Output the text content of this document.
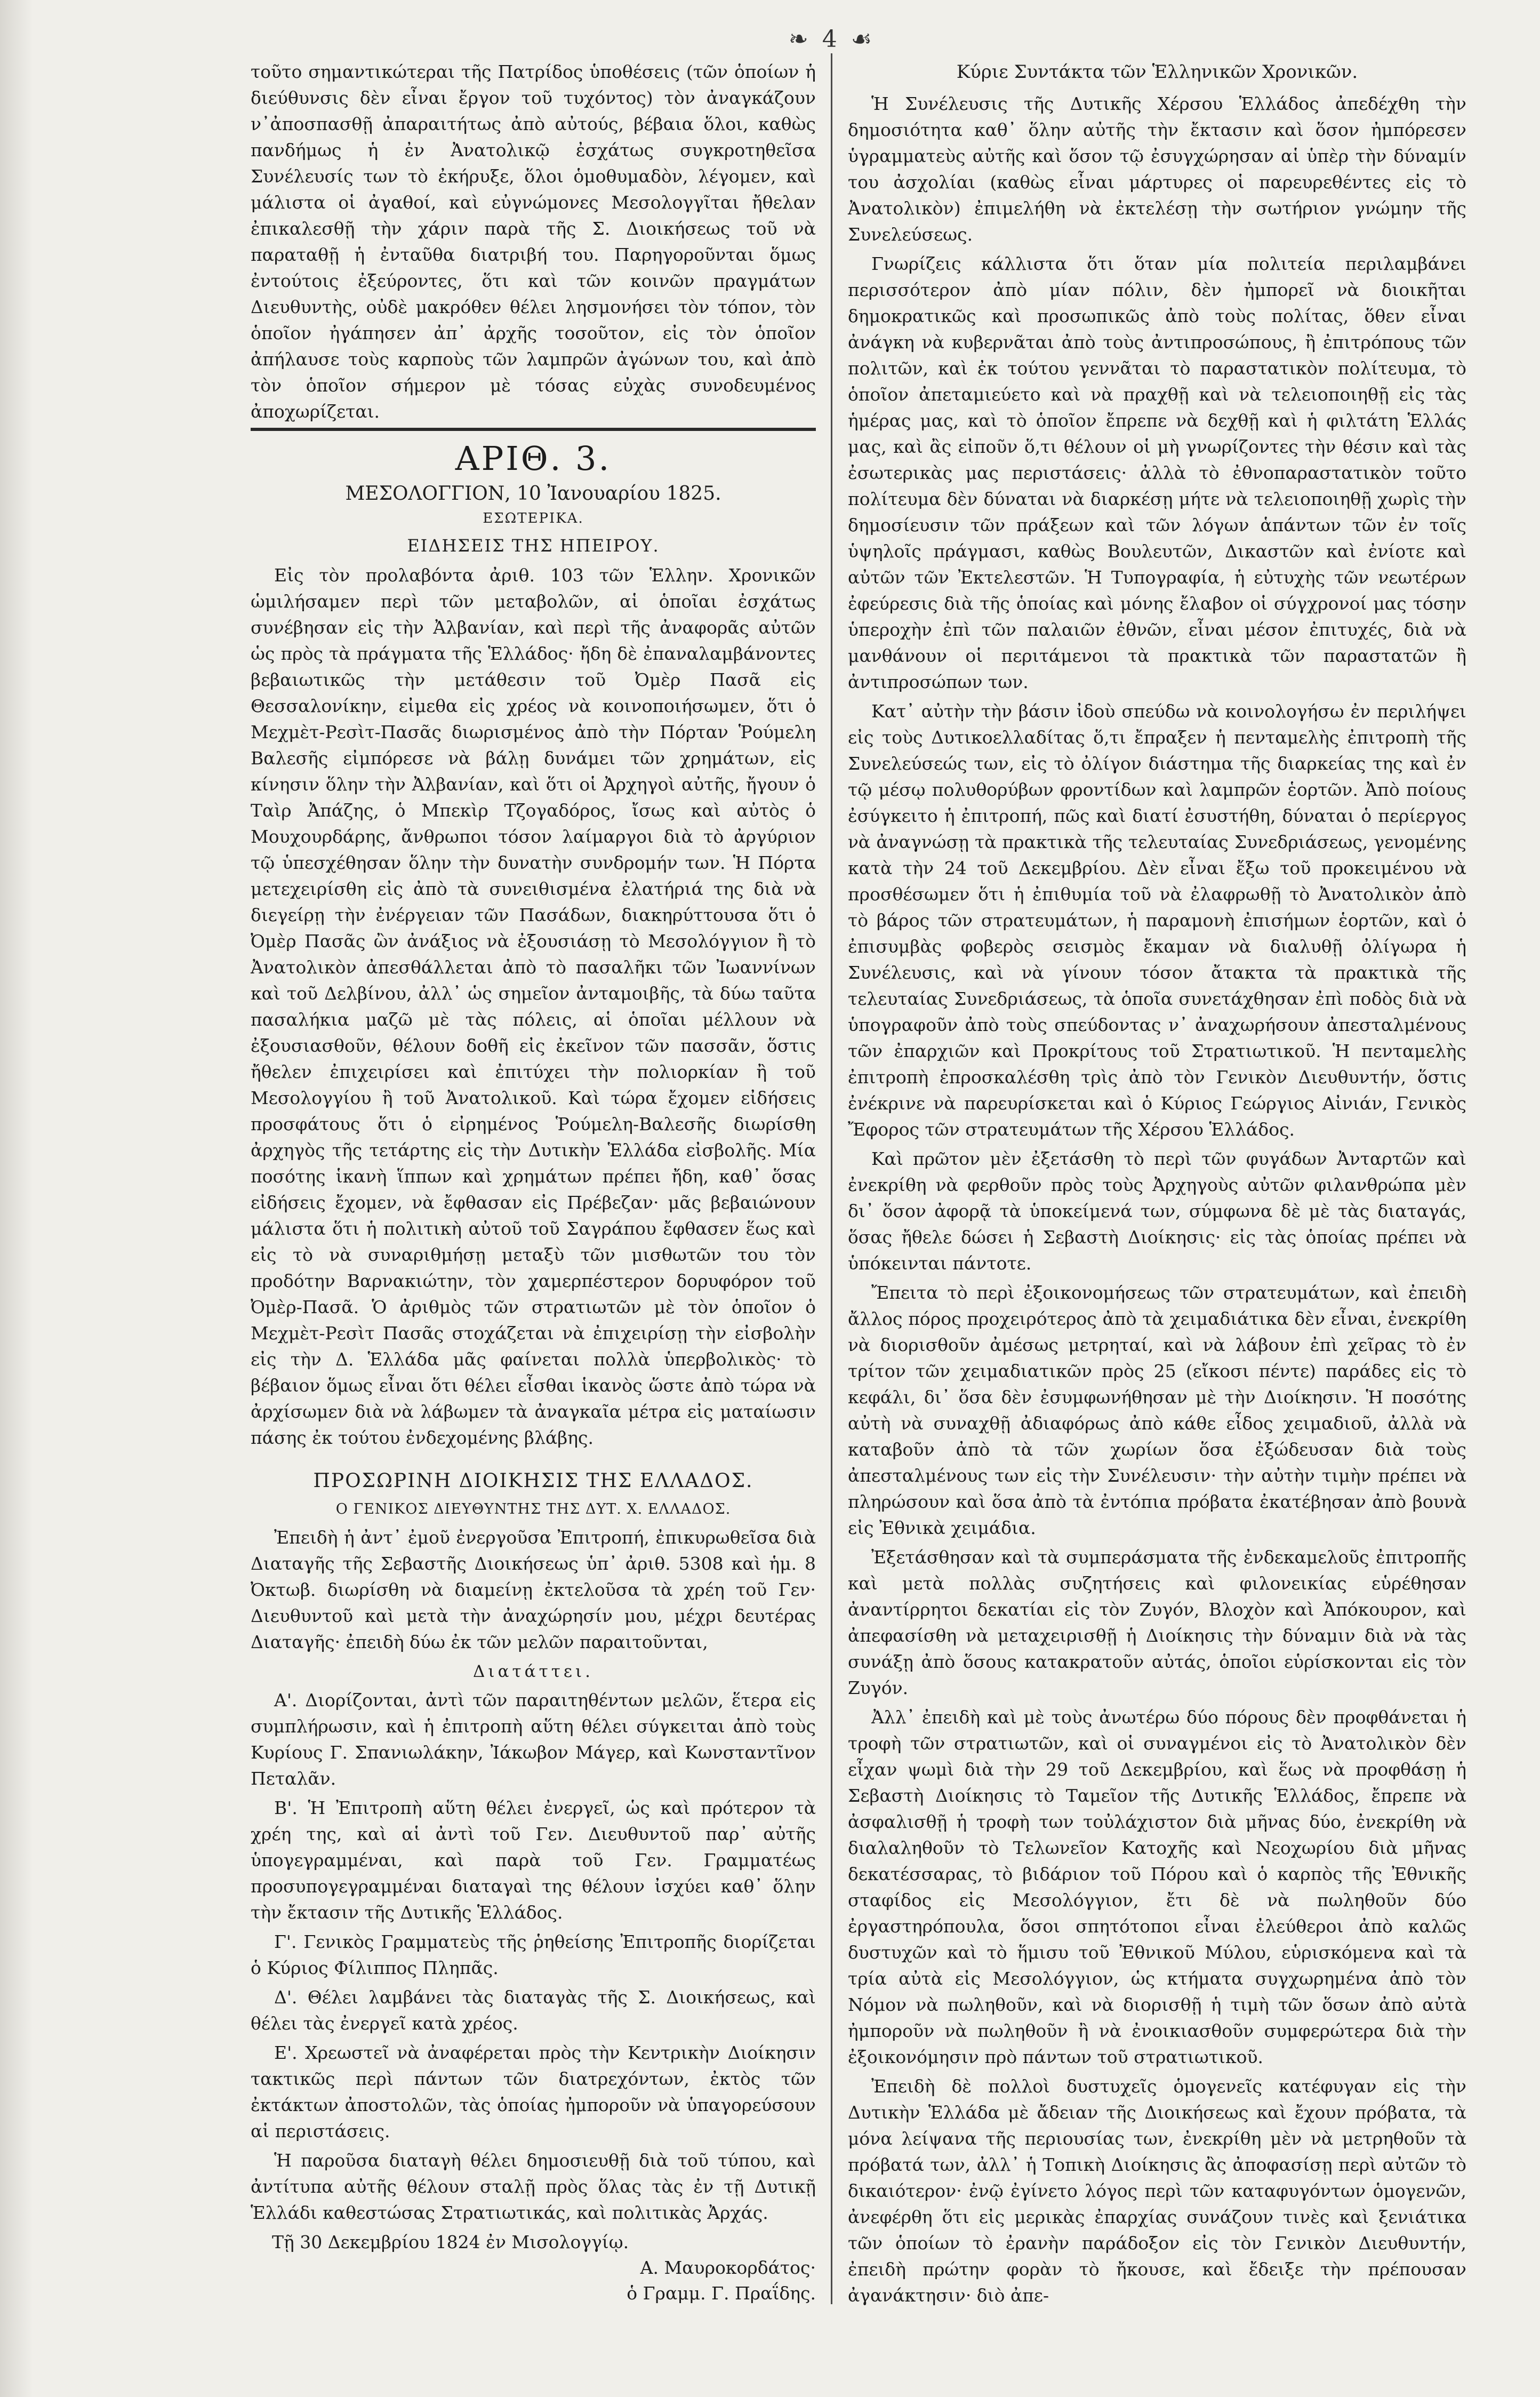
❧ 4 ☙

τοῦτο σημαντικώτεραι τῆς Πατρίδος ὑποθέσεις (τῶν ὁποίων ἡ διεύθυνσις δὲν εἶναι ἔργον τοῦ τυχόντος) τὸν ἀναγκάζουν ν᾽ἀποσπασθῇ ἀπαραιτήτως ἀπὸ αὐτούς, βέβαια ὅλοι, καθὼς πανδήμως ἡ ἐν Ἀνατολικῷ ἐσχάτως συγκροτηθεῖσα Συνέλευσίς των τὸ ἐκήρυξε, ὅλοι ὁμοθυμαδὸν, λέγομεν, καὶ μάλιστα οἱ ἀγαθοί, καὶ εὐγνώμονες Μεσολογγῖται ἤθελαν ἐπικαλεσθῇ τὴν χάριν παρὰ τῆς Σ. Διοικήσεως τοῦ νὰ παραταθῇ ἡ ἐνταῦθα διατριβή του. Παρηγοροῦνται ὅμως ἐντούτοις ἐξεύροντες, ὅτι καὶ τῶν κοινῶν πραγμάτων Διευθυντὴς, οὐδὲ μακρόθεν θέλει λησμονήσει τὸν τόπον, τὸν ὁποῖον ἠγάπησεν ἀπ᾽ ἀρχῆς τοσοῦτον, εἰς τὸν ὁποῖον ἀπήλαυσε τοὺς καρποὺς τῶν λαμπρῶν ἀγώνων του, καὶ ἀπὸ τὸν ὁποῖον σήμερον μὲ τόσας εὐχὰς συνοδευμένος ἀποχωρίζεται.

ΑΡΙΘ. 3.
ΜΕΣΟΛΟΓΓΙΟΝ, 10 Ἰανουαρίου 1825.
ΕΣΩΤΕΡΙΚΑ.
ΕΙΔΗΣΕΙΣ ΤΗΣ ΗΠΕΙΡΟΥ.

Εἰς τὸν προλαβόντα ἀριθ. 103 τῶν Ἑλλην. Χρονικῶν ὡμιλήσαμεν περὶ τῶν μεταβολῶν, αἱ ὁποῖαι ἐσχάτως συνέβησαν εἰς τὴν Ἀλβανίαν, καὶ περὶ τῆς ἀναφορᾶς αὐτῶν ὡς πρὸς τὰ πράγματα τῆς Ἑλλάδος· ἤδη δὲ ἐπαναλαμβάνοντες βεβαιωτικῶς τὴν μετάθεσιν τοῦ Ὀμὲρ Πασᾶ εἰς Θεσσαλονίκην, εἰμεθα εἰς χρέος νὰ κοινοποιήσωμεν, ὅτι ὁ Μεχμὲτ-Ρεσὶτ-Πασᾶς διωρισμένος ἀπὸ τὴν Πόρταν Ῥούμελη Βαλεσῆς εἰμπόρεσε νὰ βάλῃ δυνάμει τῶν χρημάτων, εἰς κίνησιν ὅλην τὴν Ἀλβανίαν, καὶ ὅτι οἱ Ἀρχηγοὶ αὐτῆς, ἤγουν ὁ Ταὶρ Ἀπάζης, ὁ Μπεκὶρ Τζογαδόρος, ἴσως καὶ αὐτὸς ὁ Μουχουρδάρης, ἄνθρωποι τόσον λαίμαργοι διὰ τὸ ἀργύριον τῷ ὑπεσχέθησαν ὅλην τὴν δυνατὴν συνδρομήν των. Ἡ Πόρτα μετεχειρίσθη εἰς ἀπὸ τὰ συνειθισμένα ἐλατήριά της διὰ νὰ διεγείρῃ τὴν ἐνέργειαν τῶν Πασάδων, διακηρύττουσα ὅτι ὁ Ὀμὲρ Πασᾶς ὢν ἀνάξιος νὰ ἐξουσιάσῃ τὸ Μεσολόγγιον ἢ τὸ Ἀνατολικὸν ἀπεσθάλλεται ἀπὸ τὸ πασαλῆκι τῶν Ἰωαννίνων καὶ τοῦ Δελβίνου, ἀλλ᾽ ὡς σημεῖον ἀνταμοιβῆς, τὰ δύω ταῦτα πασαλήκια μαζῶ μὲ τὰς πόλεις, αἱ ὁποῖαι μέλλουν νὰ ἐξουσιασθοῦν, θέλουν δοθῆ εἰς ἐκεῖνον τῶν πασσᾶν, ὅστις ἤθελεν ἐπιχειρίσει καὶ ἐπιτύχει τὴν πολιορκίαν ἢ τοῦ Μεσολογγίου ἢ τοῦ Ἀνατολικοῦ. Καὶ τώρα ἔχομεν εἰδήσεις προσφάτους ὅτι ὁ εἰρημένος Ῥούμελη-Βαλεσῆς διωρίσθη ἀρχηγὸς τῆς τετάρτης εἰς τὴν Δυτικὴν Ἑλλάδα εἰσβολῆς. Μία ποσότης ἱκανὴ ἵππων καὶ χρημάτων πρέπει ἤδη, καθ᾽ ὅσας εἰδήσεις ἔχομεν, νὰ ἔφθασαν εἰς Πρέβεζαν· μᾶς βεβαιώνουν μάλιστα ὅτι ἡ πολιτικὴ αὐτοῦ τοῦ Σαγράπου ἔφθασεν ἕως καὶ εἰς τὸ νὰ συναριθμήσῃ μεταξὺ τῶν μισθωτῶν του τὸν προδότην Βαρνακιώτην, τὸν χαμερπέστερον δορυφόρον τοῦ Ὀμὲρ-Πασᾶ. Ὁ ἀριθμὸς τῶν στρατιωτῶν μὲ τὸν ὁποῖον ὁ Μεχμὲτ-Ρεσὶτ Πασᾶς στοχάζεται νὰ ἐπιχειρίσῃ τὴν εἰσβολὴν εἰς τὴν Δ. Ἑλλάδα μᾶς φαίνεται πολλὰ ὑπερβολικὸς· τὸ βέβαιον ὅμως εἶναι ὅτι θέλει εἶσθαι ἱκανὸς ὥστε ἀπὸ τώρα νὰ ἀρχίσωμεν διὰ νὰ λάβωμεν τὰ ἀναγκαῖα μέτρα εἰς ματαίωσιν πάσης ἐκ τούτου ἐνδεχομένης βλάβης.

ΠΡΟΣΩΡΙΝΗ ΔΙΟΙΚΗΣΙΣ ΤΗΣ ΕΛΛΑΔΟΣ.
Ο ΓΕΝΙΚΟΣ ΔΙΕΥΘΥΝΤΗΣ ΤΗΣ ΔΥΤ. Χ. ΕΛΛΑΔΟΣ.

Ἐπειδὴ ἡ ἀντ᾽ ἐμοῦ ἐνεργοῦσα Ἐπιτροπή, ἐπικυρωθεῖσα διὰ Διαταγῆς τῆς Σεβαστῆς Διοικήσεως ὑπ᾽ ἀριθ. 5308 καὶ ἡμ. 8 Ὀκτωβ. διωρίσθη νὰ διαμείνῃ ἐκτελοῦσα τὰ χρέη τοῦ Γεν· Διευθυντοῦ καὶ μετὰ τὴν ἀναχώρησίν μου, μέχρι δευτέρας Διαταγῆς· ἐπειδὴ δύω ἐκ τῶν μελῶν παραιτοῦνται,

Διατάττει.

Α'. Διορίζονται, ἀντὶ τῶν παραιτηθέντων μελῶν, ἕτερα εἰς συμπλήρωσιν, καὶ ἡ ἐπιτροπὴ αὕτη θέλει σύγκειται ἀπὸ τοὺς Κυρίους Γ. Σπανιωλάκην, Ἰάκωβον Μάγερ, καὶ Κωνσταντῖνον Πεταλᾶν.

Β'. Ἡ Ἐπιτροπὴ αὕτη θέλει ἐνεργεῖ, ὡς καὶ πρότερον τὰ χρέη της, καὶ αἱ ἀντὶ τοῦ Γεν. Διευθυντοῦ παρ᾽ αὐτῆς ὑπογεγραμμέναι, καὶ παρὰ τοῦ Γεν. Γραμματέως προσυπογεγραμμέναι διαταγαὶ της θέλουν ἰσχύει καθ᾽ ὅλην τὴν ἔκτασιν τῆς Δυτικῆς Ἑλλάδος.

Γ'. Γενικὸς Γραμματεὺς τῆς ῥηθείσης Ἐπιτροπῆς διορίζεται ὁ Κύριος Φίλιππος Πληπᾶς.

Δ'. Θέλει λαμβάνει τὰς διαταγὰς τῆς Σ. Διοικήσεως, καὶ θέλει τὰς ἐνεργεῖ κατὰ χρέος.

Ε'. Χρεωστεῖ νὰ ἀναφέρεται πρὸς τὴν Κεντρικὴν Διοίκησιν τακτικῶς περὶ πάντων τῶν διατρεχόντων, ἐκτὸς τῶν ἐκτάκτων ἀποστολῶν, τὰς ὁποίας ἠμποροῦν νὰ ὑπαγορεύσουν αἱ περιστάσεις.

Ἡ παροῦσα διαταγὴ θέλει δημοσιευθῇ διὰ τοῦ τύπου, καὶ ἀντίτυπα αὐτῆς θέλουν σταλῇ πρὸς ὅλας τὰς ἐν τῇ Δυτικῇ Ἑλλάδι καθεστώσας Στρατιωτικάς, καὶ πολιτικὰς Ἀρχάς.

Τῇ 30 Δεκεμβρίου 1824 ἐν Μισολογγίῳ.

Α. Μαυροκορδάτος·
ὁ Γραμμ. Γ. Πραΐδης.
Κύριε Συντάκτα τῶν Ἑλληνικῶν Χρονικῶν.

Ἡ Συνέλευσις τῆς Δυτικῆς Χέρσου Ἑλλάδος ἀπεδέχθη τὴν δημοσιότητα καθ᾽ ὅλην αὐτῆς τὴν ἔκτασιν καὶ ὅσον ἠμπόρεσεν ὑγραμματεὺς αὐτῆς καὶ ὅσον τῷ ἐσυγχώρησαν αἱ ὑπὲρ τὴν δύναμίν του ἀσχολίαι (καθὼς εἶναι μάρτυρες οἱ παρευρεθέντες εἰς τὸ Ἀνατολικὸν) ἐπιμελήθη νὰ ἐκτελέσῃ τὴν σωτήριον γνώμην τῆς Συνελεύσεως.

Γνωρίζεις κάλλιστα ὅτι ὅταν μία πολιτεία περιλαμβάνει περισσότερον ἀπὸ μίαν πόλιν, δὲν ἠμπορεῖ νὰ διοικῆται δημοκρατικῶς καὶ προσωπικῶς ἀπὸ τοὺς πολίτας, ὅθεν εἶναι ἀνάγκη νὰ κυβερνᾶται ἀπὸ τοὺς ἀντιπροσώπους, ἢ ἐπιτρόπους τῶν πολιτῶν, καὶ ἐκ τούτου γεννᾶται τὸ παραστατικὸν πολίτευμα, τὸ ὁποῖον ἀπεταμιεύετο καὶ νὰ πραχθῇ καὶ νὰ τελειοποιηθῇ εἰς τὰς ἡμέρας μας, καὶ τὸ ὁποῖον ἔπρεπε νὰ δεχθῇ καὶ ἡ φιλτάτη Ἑλλάς μας, καὶ ἂς εἰποῦν ὅ,τι θέλουν οἱ μὴ γνωρίζοντες τὴν θέσιν καὶ τὰς ἐσωτερικὰς μας περιστάσεις· ἀλλὰ τὸ ἐθνοπαραστατικὸν τοῦτο πολίτευμα δὲν δύναται νὰ διαρκέσῃ μήτε νὰ τελειοποιηθῇ χωρὶς τὴν δημοσίευσιν τῶν πράξεων καὶ τῶν λόγων ἁπάντων τῶν ἐν τοῖς ὑψηλοῖς πράγμασι, καθὼς Βουλευτῶν, Δικαστῶν καὶ ἐνίοτε καὶ αὐτῶν τῶν Ἐκτελεστῶν. Ἡ Τυπογραφία, ἡ εὐτυχὴς τῶν νεωτέρων ἐφεύρεσις διὰ τῆς ὁποίας καὶ μόνης ἔλαβον οἱ σύγχρονοί μας τόσην ὑπεροχὴν ἐπὶ τῶν παλαιῶν ἐθνῶν, εἶναι μέσον ἐπιτυχές, διὰ νὰ μανθάνουν οἱ περιτάμενοι τὰ πρακτικὰ τῶν παραστατῶν ἢ ἀντιπροσώπων των.

Κατ᾽ αὐτὴν τὴν βάσιν ἰδοὺ σπεύδω νὰ κοινολογήσω ἐν περιλήψει εἰς τοὺς Δυτικοελλαδίτας ὅ,τι ἔπραξεν ἡ πενταμελὴς ἐπιτροπὴ τῆς Συνελεύσεώς των, εἰς τὸ ὀλίγον διάστημα τῆς διαρκείας της καὶ ἐν τῷ μέσῳ πολυθορύβων φροντίδων καὶ λαμπρῶν ἑορτῶν. Ἀπὸ ποίους ἐσύγκειτο ἡ ἐπιτροπή, πῶς καὶ διατί ἐσυστήθη, δύναται ὁ περίεργος νὰ ἀναγνώσῃ τὰ πρακτικὰ τῆς τελευταίας Συνεδριάσεως, γενομένης κατὰ τὴν 24 τοῦ Δεκεμβρίου. Δὲν εἶναι ἔξω τοῦ προκειμένου νὰ προσθέσωμεν ὅτι ἡ ἐπιθυμία τοῦ νὰ ἐλαφρωθῇ τὸ Ἀνατολικὸν ἀπὸ τὸ βάρος τῶν στρατευμάτων, ἡ παραμονὴ ἐπισήμων ἑορτῶν, καὶ ὁ ἐπισυμβὰς φοβερὸς σεισμὸς ἔκαμαν νὰ διαλυθῇ ὀλίγωρα ἡ Συνέλευσις, καὶ νὰ γίνουν τόσον ἄτακτα τὰ πρακτικὰ τῆς τελευταίας Συνεδριάσεως, τὰ ὁποῖα συνετάχθησαν ἐπὶ ποδὸς διὰ νὰ ὑπογραφοῦν ἀπὸ τοὺς σπεύδοντας ν᾽ ἀναχωρήσουν ἀπεσταλμένους τῶν ἐπαρχιῶν καὶ Προκρίτους τοῦ Στρατιωτικοῦ. Ἡ πενταμελὴς ἐπιτροπὴ ἐπροσκαλέσθη τρὶς ἀπὸ τὸν Γενικὸν Διευθυντήν, ὅστις ἐνέκρινε νὰ παρευρίσκεται καὶ ὁ Κύριος Γεώργιος Αἰνιάν, Γενικὸς Ἔφορος τῶν στρατευμάτων τῆς Χέρσου Ἑλλάδος.

Καὶ πρῶτον μὲν ἐξετάσθη τὸ περὶ τῶν φυγάδων Ἀνταρτῶν καὶ ἐνεκρίθη νὰ φερθοῦν πρὸς τοὺς Ἀρχηγοὺς αὐτῶν φιλανθρώπα μὲν δι᾽ ὅσον ἀφορᾷ τὰ ὑποκείμενά των, σύμφωνα δὲ μὲ τὰς διαταγάς, ὅσας ἤθελε δώσει ἡ Σεβαστὴ Διοίκησις· εἰς τὰς ὁποίας πρέπει νὰ ὑπόκεινται πάντοτε.

Ἔπειτα τὸ περὶ ἐξοικονομήσεως τῶν στρατευμάτων, καὶ ἐπειδὴ ἄλλος πόρος προχειρότερος ἀπὸ τὰ χειμαδιάτικα δὲν εἶναι, ἐνεκρίθη νὰ διορισθοῦν ἀμέσως μετρηταί, καὶ νὰ λάβουν ἐπὶ χεῖρας τὸ ἐν τρίτον τῶν χειμαδιατικῶν πρὸς 25 (εἴκοσι πέντε) παράδες εἰς τὸ κεφάλι, δι᾽ ὅσα δὲν ἐσυμφωνήθησαν μὲ τὴν Διοίκησιν. Ἡ ποσότης αὐτὴ νὰ συναχθῇ ἀδιαφόρως ἀπὸ κάθε εἶδος χειμαδιοῦ, ἀλλὰ νὰ καταβοῦν ἀπὸ τὰ τῶν χωρίων ὅσα ἐξώδευσαν διὰ τοὺς ἀπεσταλμένους των εἰς τὴν Συνέλευσιν· τὴν αὐτὴν τιμὴν πρέπει νὰ πληρώσουν καὶ ὅσα ἀπὸ τὰ ἐντόπια πρόβατα ἐκατέβησαν ἀπὸ βουνὰ εἰς Ἐθνικὰ χειμάδια.

Ἐξετάσθησαν καὶ τὰ συμπεράσματα τῆς ἐνδεκαμελοῦς ἐπιτροπῆς καὶ μετὰ πολλὰς συζητήσεις καὶ φιλονεικίας εὑρέθησαν ἀναντίρρητοι δεκατίαι εἰς τὸν Ζυγόν, Βλοχὸν καὶ Ἀπόκουρον, καὶ ἀπεφασίσθη νὰ μεταχειρισθῇ ἡ Διοίκησις τὴν δύναμιν διὰ νὰ τὰς συνάξῃ ἀπὸ ὅσους κατακρατοῦν αὐτάς, ὁποῖοι εὑρίσκονται εἰς τὸν Ζυγόν.

Ἀλλ᾽ ἐπειδὴ καὶ μὲ τοὺς ἀνωτέρω δύο πόρους δὲν προφθάνεται ἡ τροφὴ τῶν στρατιωτῶν, καὶ οἱ συναγμένοι εἰς τὸ Ἀνατολικὸν δὲν εἶχαν ψωμὶ διὰ τὴν 29 τοῦ Δεκεμβρίου, καὶ ἕως νὰ προφθάσῃ ἡ Σεβαστὴ Διοίκησις τὸ Ταμεῖον τῆς Δυτικῆς Ἑλλάδος, ἔπρεπε νὰ ἀσφαλισθῇ ἡ τροφὴ των τοὐλάχιστον διὰ μῆνας δύο, ἐνεκρίθη νὰ διαλαληθοῦν τὸ Τελωνεῖον Κατοχῆς καὶ Νεοχωρίου διὰ μῆνας δεκατέσσαρας, τὸ βιδάριον τοῦ Πόρου καὶ ὁ καρπὸς τῆς Ἐθνικῆς σταφίδος εἰς Μεσολόγγιον, ἔτι δὲ νὰ πωληθοῦν δύο ἐργαστηρόπουλα, ὅσοι σπητότοποι εἶναι ἐλεύθεροι ἀπὸ καλῶς δυστυχῶν καὶ τὸ ἥμισυ τοῦ Ἐθνικοῦ Μύλου, εὑρισκόμενα καὶ τὰ τρία αὐτὰ εἰς Μεσολόγγιον, ὡς κτήματα συγχωρημένα ἀπὸ τὸν Νόμον νὰ πωληθοῦν, καὶ νὰ διορισθῇ ἡ τιμὴ τῶν ὅσων ἀπὸ αὐτὰ ἠμποροῦν νὰ πωληθοῦν ἢ νὰ ἐνοικιασθοῦν συμφερώτερα διὰ τὴν ἐξοικονόμησιν πρὸ πάντων τοῦ στρατιωτικοῦ.

Ἐπειδὴ δὲ πολλοὶ δυστυχεῖς ὁμογενεῖς κατέφυγαν εἰς τὴν Δυτικὴν Ἑλλάδα μὲ ἄδειαν τῆς Διοικήσεως καὶ ἔχουν πρόβατα, τὰ μόνα λείψανα τῆς περιουσίας των, ἐνεκρίθη μὲν νὰ μετρηθοῦν τὰ πρόβατά των, ἀλλ᾽ ἡ Τοπικὴ Διοίκησις ἂς ἀποφασίσῃ περὶ αὐτῶν τὸ δικαιότερον· ἐνῷ ἐγίνετο λόγος περὶ τῶν καταφυγόντων ὁμογενῶν, ἀνεφέρθη ὅτι εἰς μερικὰς ἐπαρχίας συνάζουν τινὲς καὶ ξενιάτικα τῶν ὁποίων τὸ ἐρανὴν παράδοξον εἰς τὸν Γενικὸν Διευθυντήν, ἐπειδὴ πρώτην φορὰν τὸ ἤκουσε, καὶ ἔδειξε τὴν πρέπουσαν ἀγανάκτησιν· διὸ ἀπε-
